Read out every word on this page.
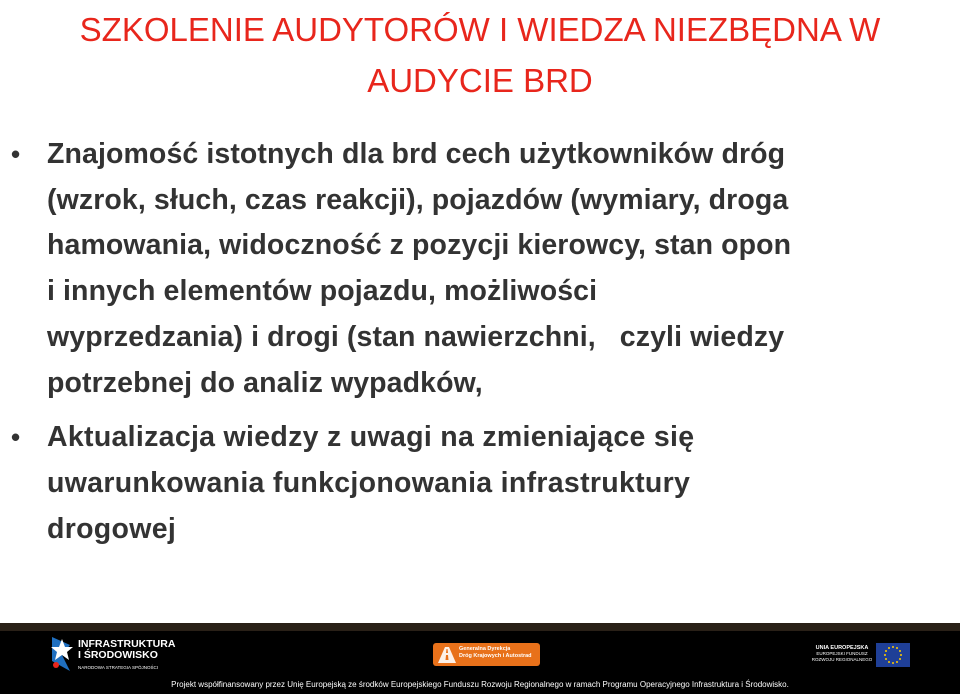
SZKOLENIE AUDYTORÓW I WIEDZA NIEZBĘDNA W
AUDYCIE BRD
• Znajomość istotnych dla brd cech użytkowników dróg
(wzrok, słuch, czas reakcji), pojazdów (wymiary, droga
hamowania, widoczność z pozycji kierowcy, stan opon
i innych elementów pojazdu, możliwości
wyprzedzania) i drogi (stan nawierzchni,   czyli wiedzy
potrzebnej do analiz wypadków,
• Aktualizacja wiedzy z uwagi na zmieniające się
uwarunkowania funkcjonowania infrastruktury
drogowej
INFRASTRUKTURA
I ŚRODOWISKO
NARODOWA STRATEGIA SPÓJNOŚCI
Generalna Dyrekcja
Dróg Krajowych i Autostrad
UNIA EUROPEJSKA
EUROPEJSKI FUNDUSZ
ROZWOJU REGIONALNEGO
Projekt współfinansowany przez Unię Europejską ze środków Europejskiego Funduszu Rozwoju Regionalnego w ramach Programu Operacyjnego Infrastruktura i Środowisko.
